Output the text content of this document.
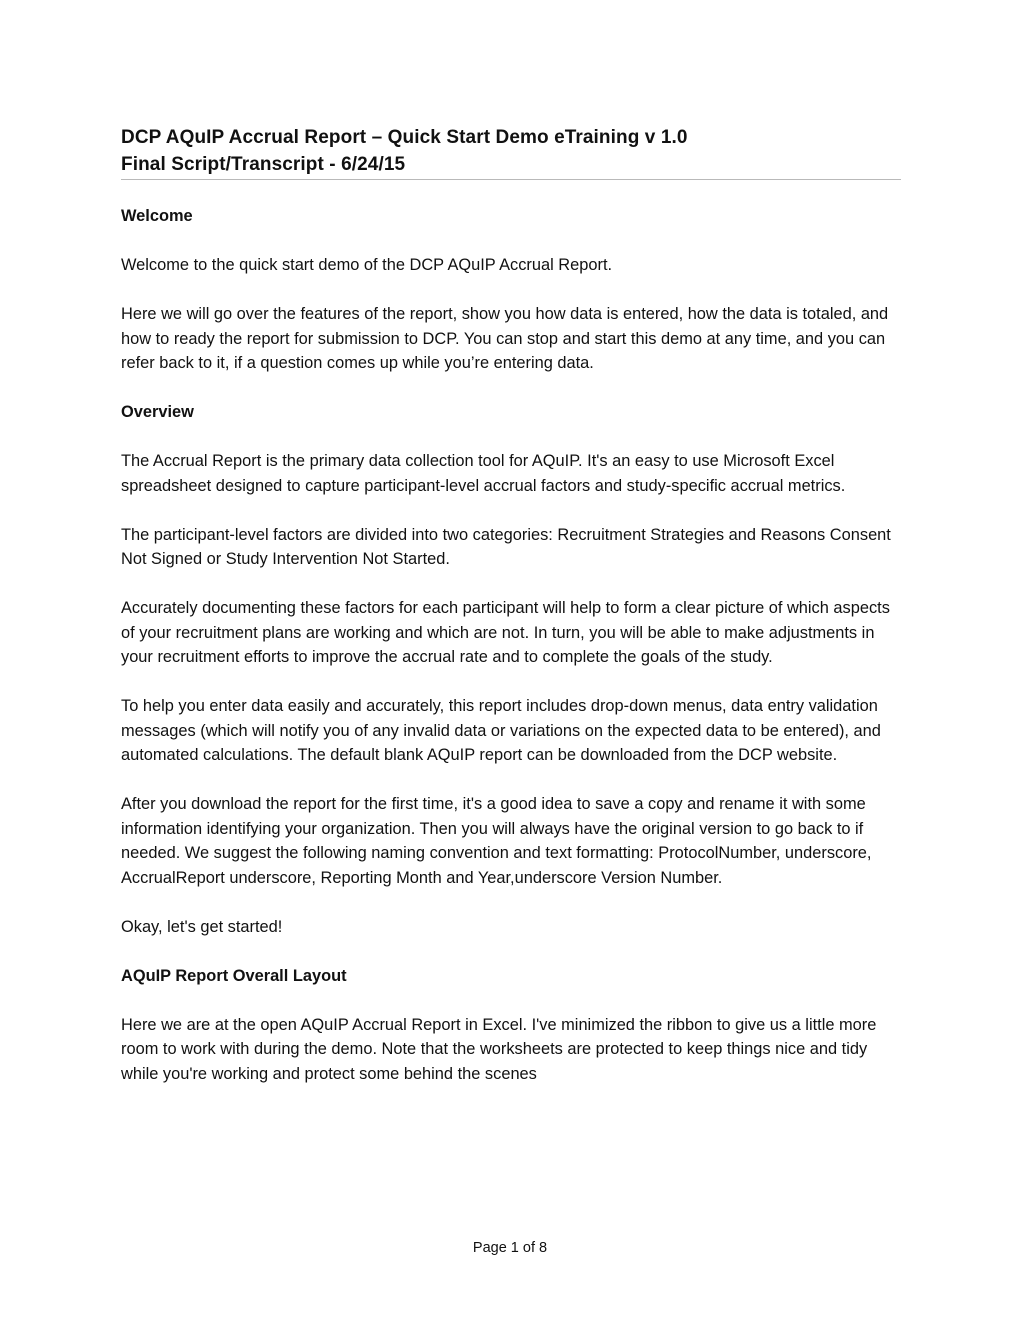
DCP AQuIP Accrual Report – Quick Start Demo eTraining v 1.0
Final Script/Transcript - 6/24/15
Welcome

Welcome to the quick start demo of the DCP AQuIP Accrual Report.

Here we will go over the features of the report, show you how data is entered, how the data is totaled, and how to ready the report for submission to DCP. You can stop and start this demo at any time, and you can refer back to it, if a question comes up while you’re entering data.

Overview

The Accrual Report is the primary data collection tool for AQuIP. It's an easy to use Microsoft Excel spreadsheet designed to capture participant-level accrual factors and study-specific accrual metrics.

The participant-level factors are divided into two categories: Recruitment Strategies and Reasons Consent Not Signed or Study Intervention Not Started.

Accurately documenting these factors for each participant will help to form a clear picture of which aspects of your recruitment plans are working and which are not. In turn, you will be able to make adjustments in your recruitment efforts to improve the accrual rate and to complete the goals of the study.

To help you enter data easily and accurately, this report includes drop-down menus, data entry validation messages (which will notify you of any invalid data or variations on the expected data to be entered), and automated calculations. The default blank AQuIP report can be downloaded from the DCP website.

After you download the report for the first time, it's a good idea to save a copy and rename it with some information identifying your organization. Then you will always have the original version to go back to if needed. We suggest the following naming convention and text formatting: ProtocolNumber, underscore, AccrualReport underscore, Reporting Month and Year,underscore Version Number.

Okay, let's get started!

AQuIP Report Overall Layout

Here we are at the open AQuIP Accrual Report in Excel. I've minimized the ribbon to give us a little more room to work with during the demo. Note that the worksheets are protected to keep things nice and tidy while you're working and protect some behind the scenes

Page 1 of 8
